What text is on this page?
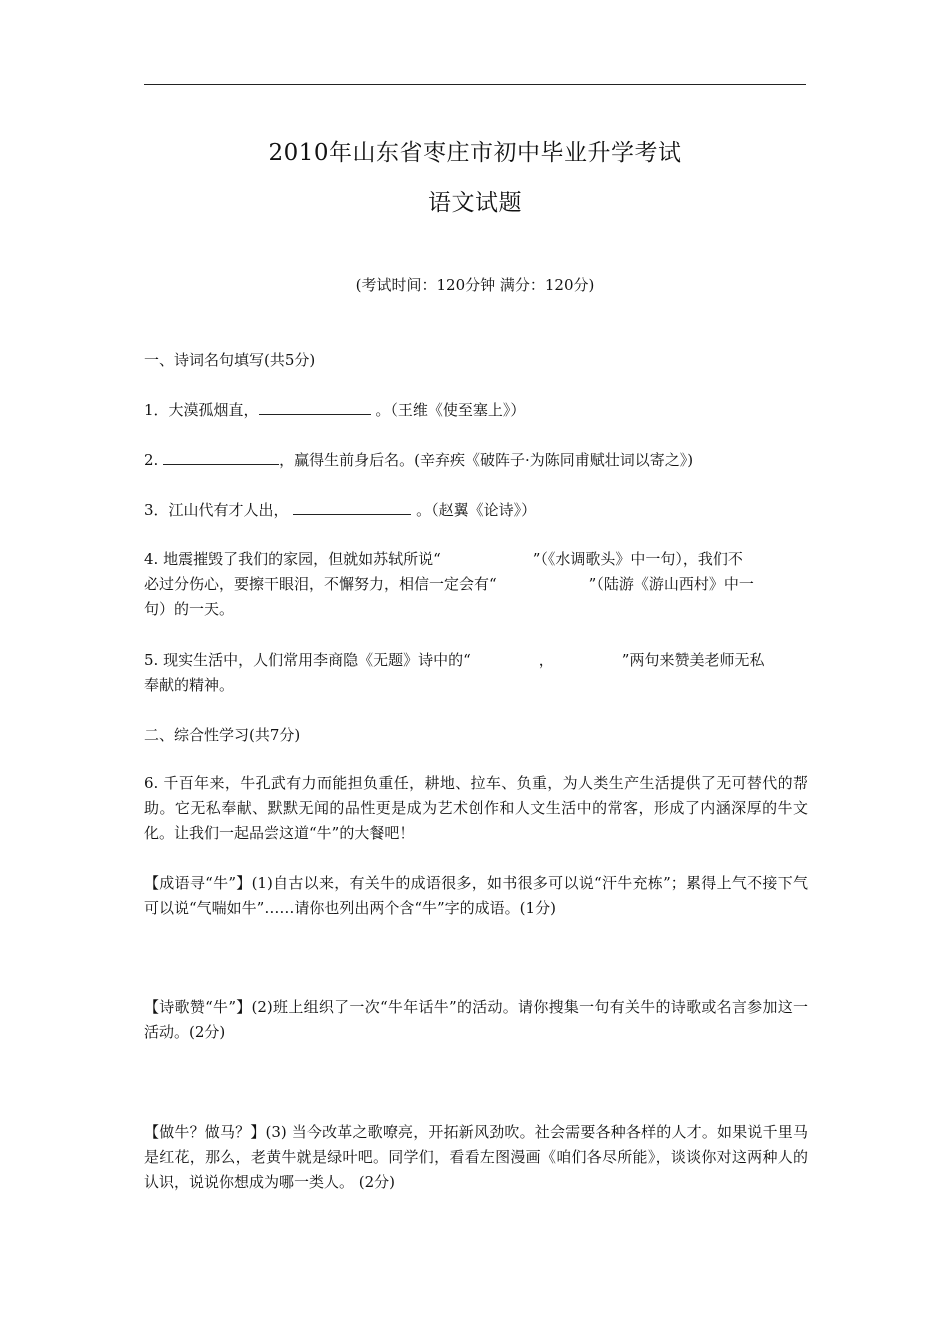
2010年山东省枣庄市初中毕业升学考试
语文试题
(考试时间：120分钟 满分：120分)
一、诗词名句填写(共5分)
1．大漠孤烟直，	。（王维《使至塞上》）
2.	，赢得生前身后名。(辛弃疾《破阵子·为陈同甫赋壮词以寄之》)
3．江山代有才人出，	。（赵翼《论诗》）
4. 地震摧毁了我们的家园，但就如苏轼所说“	”（《水调歌头》中一句），我们不
必过分伤心，要擦干眼泪，不懈努力，相信一定会有“	”（陆游《游山西村》中一
句）的一天。
5. 现实生活中，人们常用李商隐《无题》诗中的“	，	”两句来赞美老师无私
奉献的精神。
二、综合性学习(共7分)
6. 千百年来，牛孔武有力而能担负重任，耕地、拉车、负重，为人类生产生活提供了无可替代的帮助。它无私奉献、默默无闻的品性更是成为艺术创作和人文生活中的常客，形成了内涵深厚的牛文化。让我们一起品尝这道“牛”的大餐吧！
【成语寻“牛”】(1)自古以来，有关牛的成语很多，如书很多可以说“汗牛充栋”；累得上气不接下气可以说“气喘如牛”……请你也列出两个含“牛”字的成语。(1分)
【诗歌赞“牛”】(2)班上组织了一次“牛年话牛”的活动。请你搜集一句有关牛的诗歌或名言参加这一活动。(2分)
【做牛？做马？】(3) 当今改革之歌嘹亮，开拓新风劲吹。社会需要各种各样的人才。如果说千里马是红花，那么，老黄牛就是绿叶吧。同学们，看看左图漫画《咱们各尽所能》，谈谈你对这两种人的认识，说说你想成为哪一类人。 (2分)
